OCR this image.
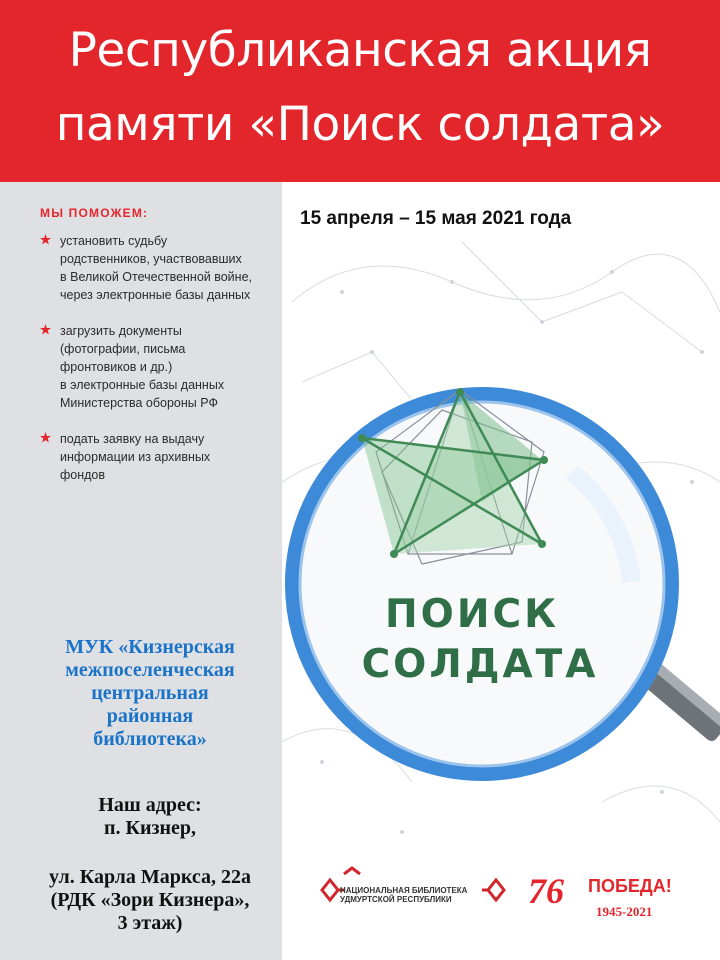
Республиканская акция
памяти «Поиск солдата»
МЫ ПОМОЖЕМ:
установить судьбу
родственников, участвовавших
в Великой Отечественной войне,
через электронные базы данных
загрузить документы
(фотографии, письма
фронтовиков и др.)
в электронные базы данных
Министерства обороны РФ
подать заявку на выдачу
информации из архивных
фондов
15 апреля – 15 мая 2021 года
ПОИСК
СОЛДАТА
МУК «Кизнерская
межпоселенческая
центральная
районная
библиотека»
Наш адрес:
п. Кизнер,
ул. Карла Маркса, 22а
(РДК «Зори Кизнера»,
3 этаж)
НАЦИОНАЛЬНАЯ БИБЛИОТЕКА
УДМУРТСКОЙ РЕСПУБЛИКИ	76 ПОБЕДА!
1945-2021
